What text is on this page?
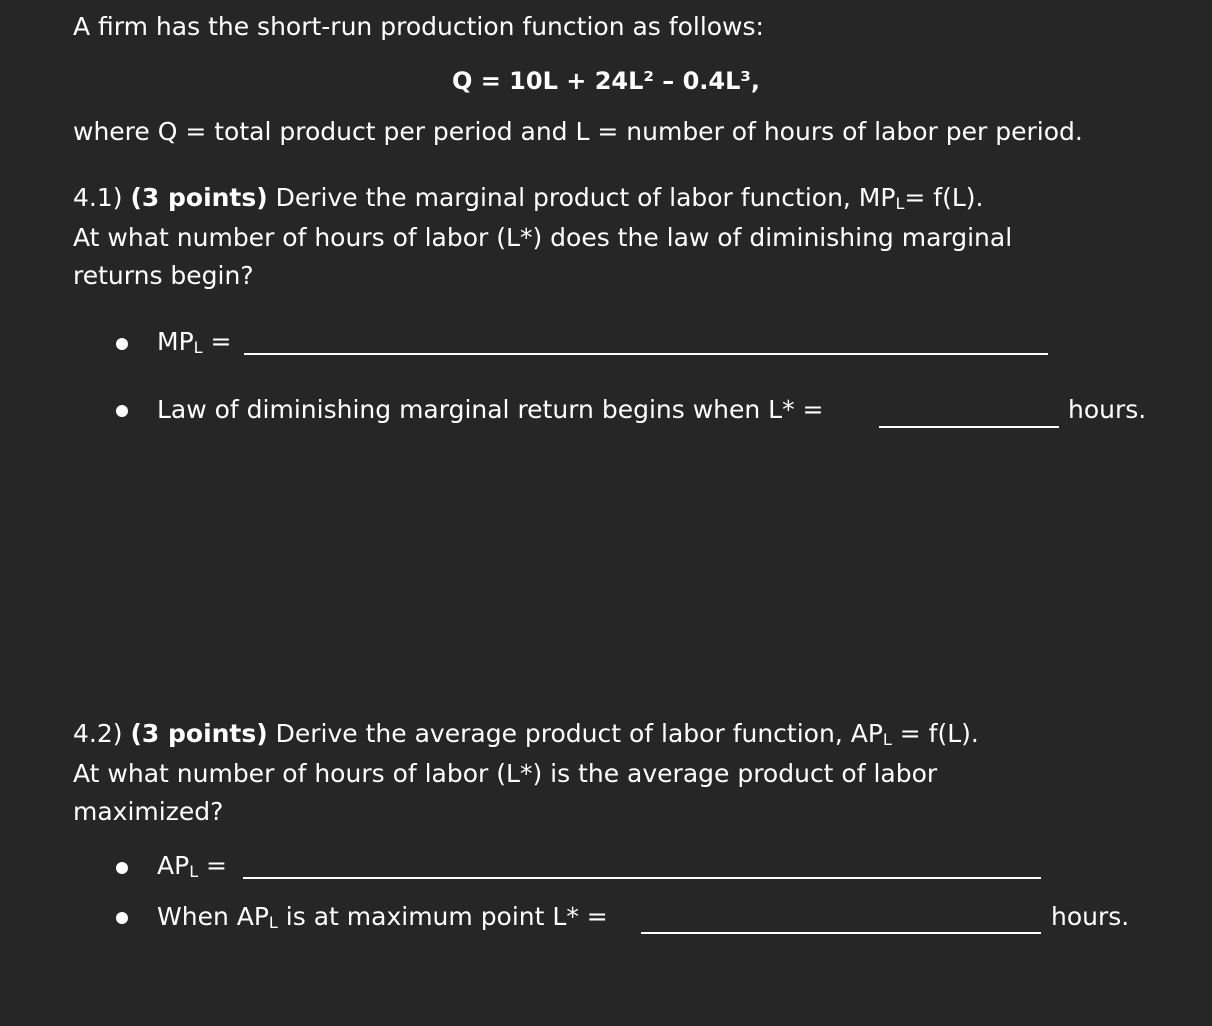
A firm has the short-run production function as follows:
Q = 10L + 24L² – 0.4L³,
where Q = total product per period and L = number of hours of labor per period.
4.1) (3 points) Derive the marginal product of labor function, MPL= f(L).
At what number of hours of labor (L*) does the law of diminishing marginal
returns begin?
MPL =
Law of diminishing marginal return begins when L* =	hours.
4.2) (3 points) Derive the average product of labor function, APL = f(L).
At what number of hours of labor (L*) is the average product of labor
maximized?
APL =
When APL is at maximum point L* =	hours.
